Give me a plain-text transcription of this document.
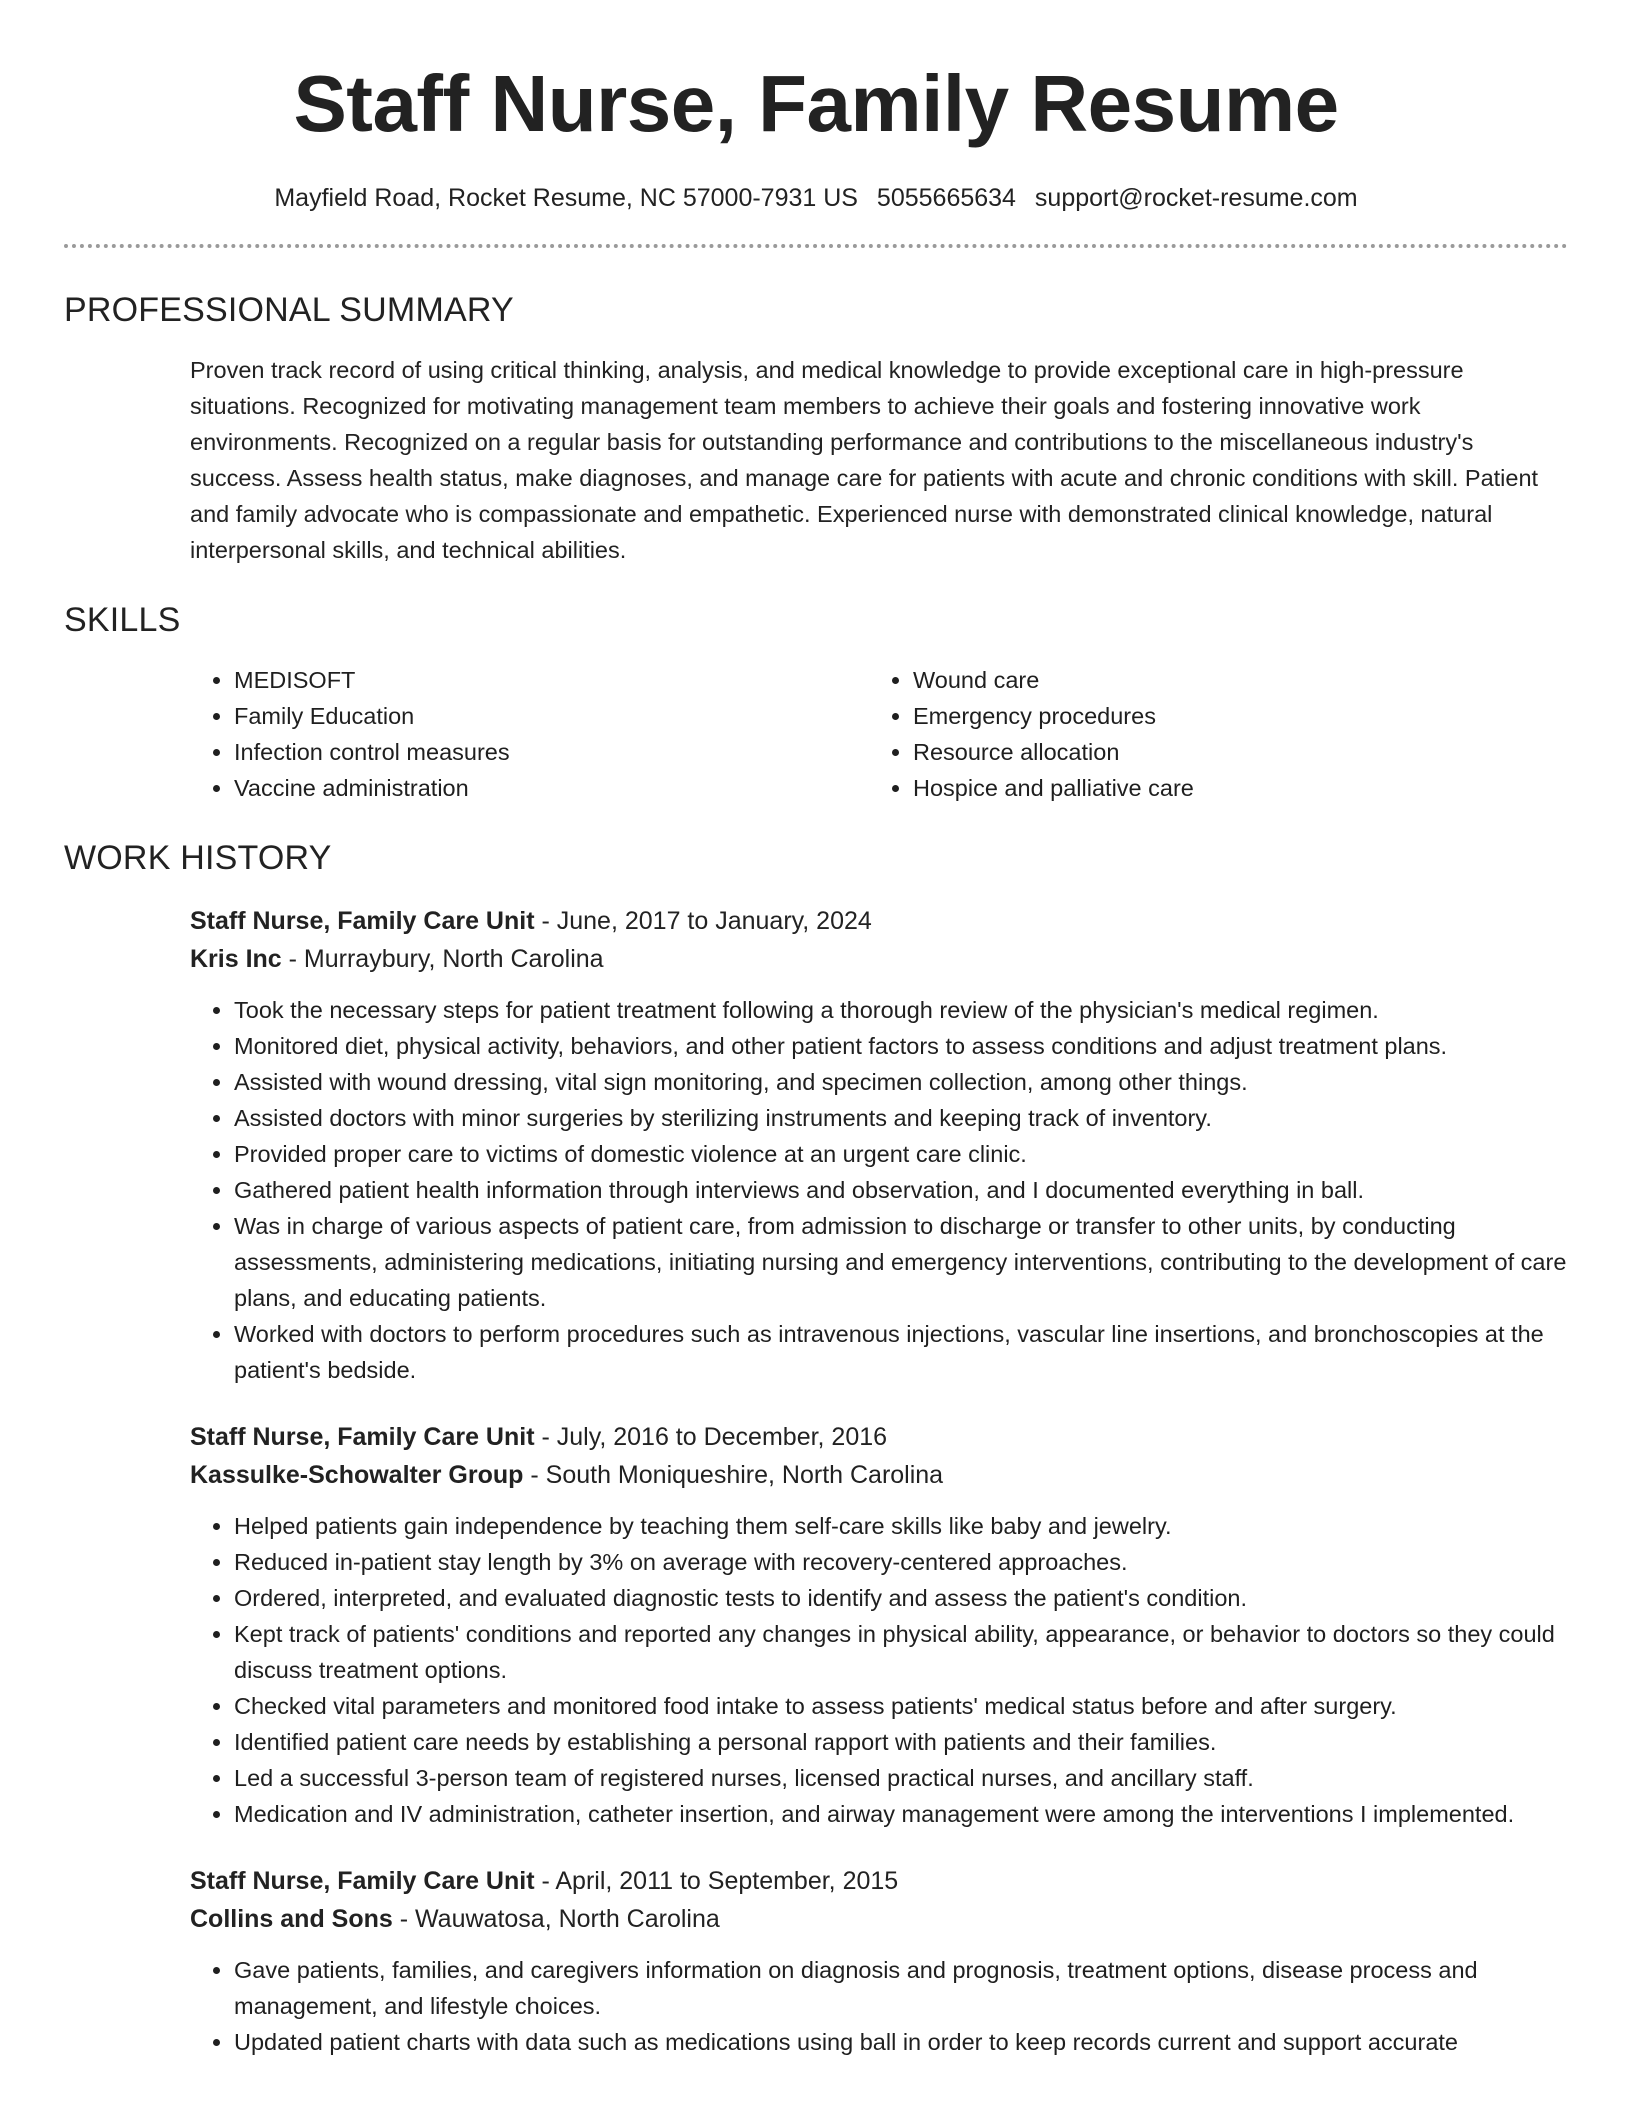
Staff Nurse, Family Resume
Mayfield Road, Rocket Resume, NC 57000-7931 US 5055665634 support@rocket-resume.com
PROFESSIONAL SUMMARY
Proven track record of using critical thinking, analysis, and medical knowledge to provide exceptional care in high-pressure situations. Recognized for motivating management team members to achieve their goals and fostering innovative work environments. Recognized on a regular basis for outstanding performance and contributions to the miscellaneous industry's success. Assess health status, make diagnoses, and manage care for patients with acute and chronic conditions with skill. Patient and family advocate who is compassionate and empathetic. Experienced nurse with demonstrated clinical knowledge, natural interpersonal skills, and technical abilities.
SKILLS
• MEDISOFT
• Family Education
• Infection control measures
• Vaccine administration
• Wound care
• Emergency procedures
• Resource allocation
• Hospice and palliative care
WORK HISTORY
Staff Nurse, Family Care Unit - June, 2017 to January, 2024
Kris Inc - Murraybury, North Carolina
• Took the necessary steps for patient treatment following a thorough review of the physician's medical regimen.
• Monitored diet, physical activity, behaviors, and other patient factors to assess conditions and adjust treatment plans.
• Assisted with wound dressing, vital sign monitoring, and specimen collection, among other things.
• Assisted doctors with minor surgeries by sterilizing instruments and keeping track of inventory.
• Provided proper care to victims of domestic violence at an urgent care clinic.
• Gathered patient health information through interviews and observation, and I documented everything in ball.
• Was in charge of various aspects of patient care, from admission to discharge or transfer to other units, by conducting assessments, administering medications, initiating nursing and emergency interventions, contributing to the development of care plans, and educating patients.
• Worked with doctors to perform procedures such as intravenous injections, vascular line insertions, and bronchoscopies at the patient's bedside.
Staff Nurse, Family Care Unit - July, 2016 to December, 2016
Kassulke-Schowalter Group - South Moniqueshire, North Carolina
• Helped patients gain independence by teaching them self-care skills like baby and jewelry.
• Reduced in-patient stay length by 3% on average with recovery-centered approaches.
• Ordered, interpreted, and evaluated diagnostic tests to identify and assess the patient's condition.
• Kept track of patients' conditions and reported any changes in physical ability, appearance, or behavior to doctors so they could discuss treatment options.
• Checked vital parameters and monitored food intake to assess patients' medical status before and after surgery.
• Identified patient care needs by establishing a personal rapport with patients and their families.
• Led a successful 3-person team of registered nurses, licensed practical nurses, and ancillary staff.
• Medication and IV administration, catheter insertion, and airway management were among the interventions I implemented.
Staff Nurse, Family Care Unit - April, 2011 to September, 2015
Collins and Sons - Wauwatosa, North Carolina
• Gave patients, families, and caregivers information on diagnosis and prognosis, treatment options, disease process and management, and lifestyle choices.
• Updated patient charts with data such as medications using ball in order to keep records current and support accurate
